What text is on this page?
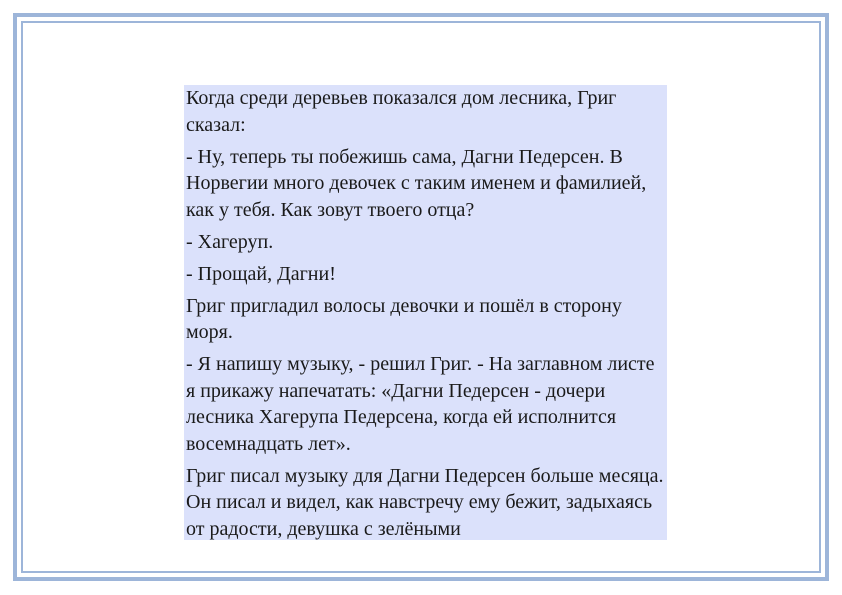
Когда среди деревьев показался дом лесника, Григ сказал:

- Ну, теперь ты побежишь сама, Дагни Педерсен. В Норвегии много девочек с таким именем и фамилией, как у тебя. Как зовут твоего отца?

- Хагеруп.

- Прощай, Дагни!

Григ пригладил волосы девочки и пошёл в сторону моря.

- Я напишу музыку, - решил Григ. - На заглавном листе я прикажу напечатать: «Дагни Педерсен - дочери лесника Хагерупа Педерсена, когда ей исполнится восемнадцать лет».

Григ писал музыку для Дагни Педерсен больше месяца. Он писал и видел, как навстречу ему бежит, задыхаясь от радости, девушка с зелёными
